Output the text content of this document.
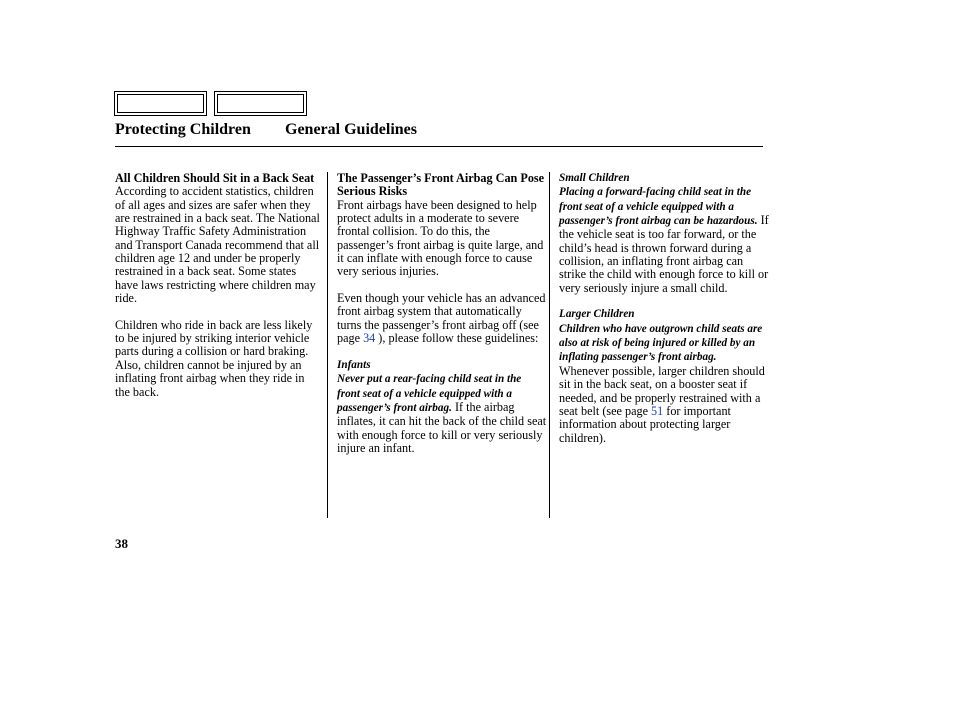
Protecting Children General Guidelines
All Children Should Sit in a Back Seat

According to accident statistics, children of all ages and sizes are safer when they are restrained in a back seat. The National Highway Traffic Safety Administration and Transport Canada recommend that all children age 12 and under be properly restrained in a back seat. Some states have laws restricting where children may ride.

Children who ride in back are less likely to be injured by striking interior vehicle parts during a collision or hard braking. Also, children cannot be injured by an inflating front airbag when they ride in the back.

The Passenger’s Front Airbag Can Pose Serious Risks

Front airbags have been designed to help protect adults in a moderate to severe frontal collision. To do this, the passenger’s front airbag is quite large, and it can inflate with enough force to cause very serious injuries.

Even though your vehicle has an advanced front airbag system that automatically turns the passenger’s front airbag off (see page 34 ), please follow these guidelines:

Infants

Never put a rear-facing child seat in the front seat of a vehicle equipped with a passenger’s front airbag. If the airbag inflates, it can hit the back of the child seat with enough force to kill or very seriously injure an infant.

Small Children

Placing a forward-facing child seat in the front seat of a vehicle equipped with a passenger’s front airbag can be hazardous. If the vehicle seat is too far forward, or the child’s head is thrown forward during a collision, an inflating front airbag can strike the child with enough force to kill or very seriously injure a small child.

Larger Children

Children who have outgrown child seats are also at risk of being injured or killed by an inflating passenger’s front airbag. Whenever possible, larger children should sit in the back seat, on a booster seat if needed, and be properly restrained with a seat belt (see page 51 for important information about protecting larger children).

38
